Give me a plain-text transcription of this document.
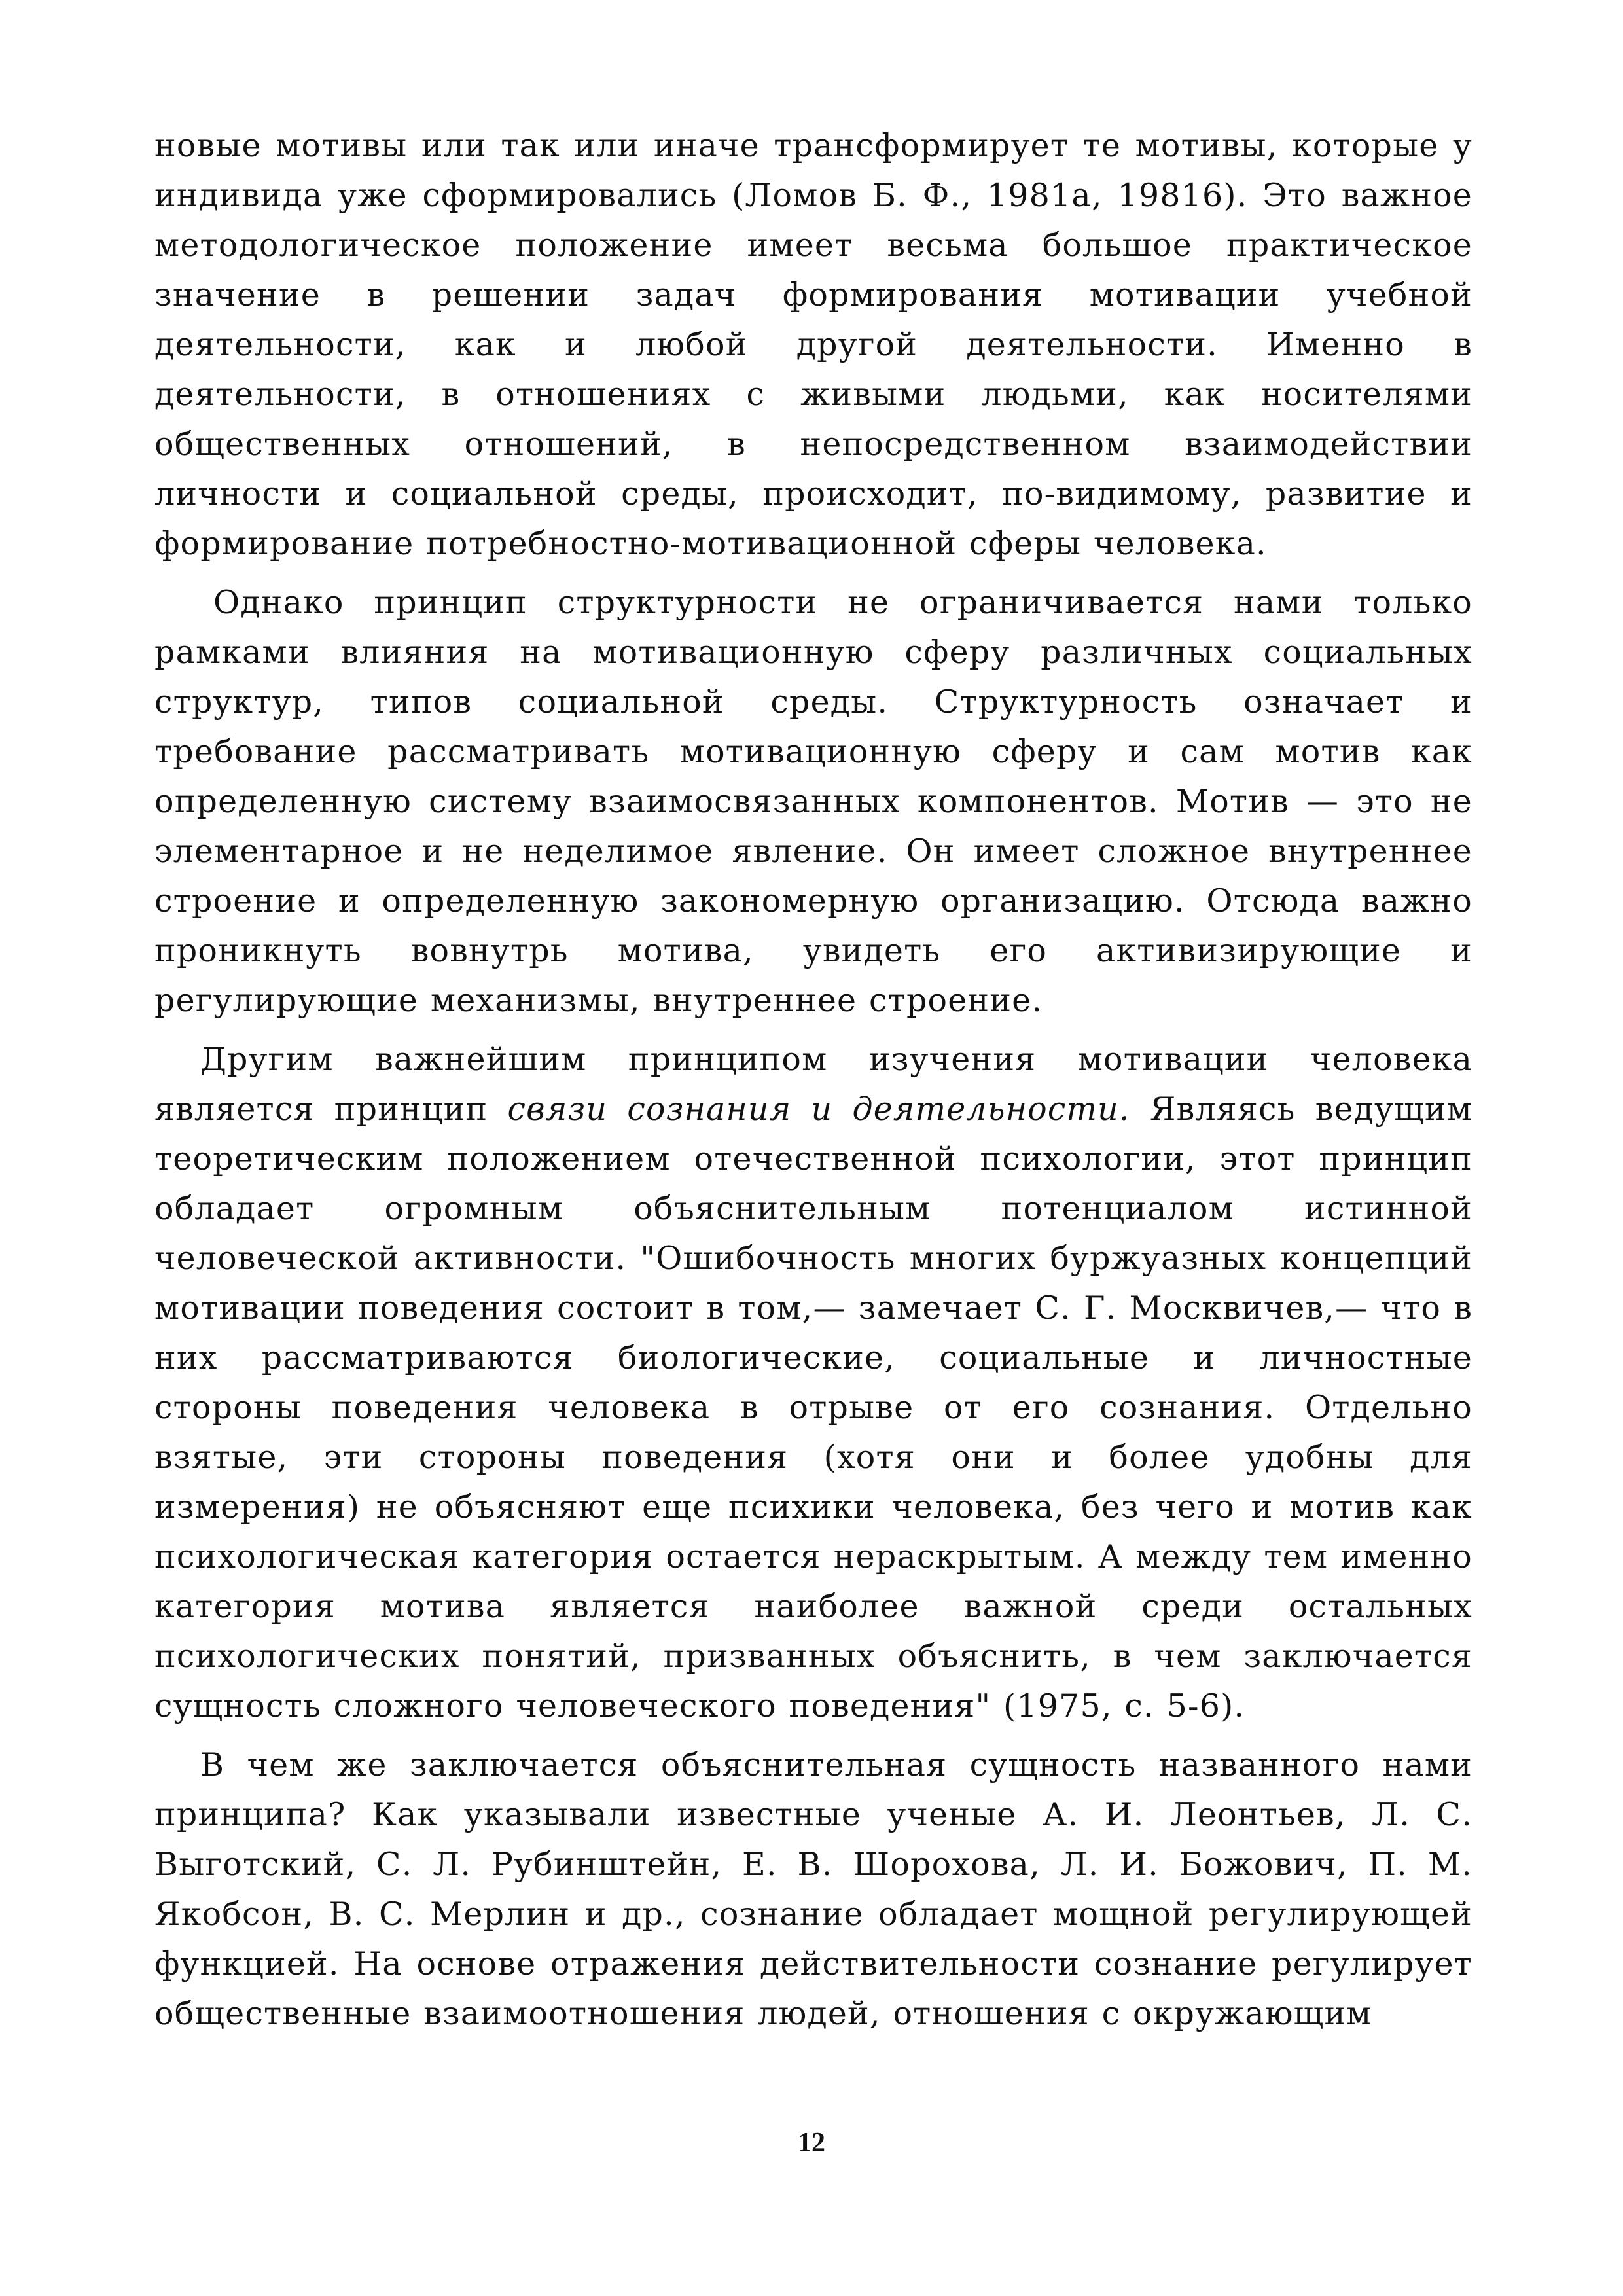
новые мотивы или так или иначе трансформирует те мотивы, которые у индивида уже сформировались (Ломов Б. Ф., 1981а, 19816). Это важное методологическое положение имеет весьма большое практическое значение в решении задач формирования мотивации учебной деятельности, как и любой другой деятельности. Именно в деятельности, в отношениях с живыми людьми, как носителями общественных отношений, в непосредственном взаимодействии личности и социальной среды, происходит, по-видимому, развитие и формирование потребностно-мотивационной сферы человека.

Однако принцип структурности не ограничивается нами только рамками влияния на мотивационную сферу различных социальных структур, типов социальной среды. Структурность означает и требование рассматривать мотивационную сферу и сам мотив как определенную систему взаимосвязанных компонентов. Мотив — это не элементарное и не неделимое явление. Он имеет сложное внутреннее строение и определенную закономерную организацию. Отсюда важно проникнуть вовнутрь мотива, увидеть его активизирующие и регулирующие механизмы, внутреннее строение.

Другим важнейшим принципом изучения мотивации человека является принцип связи сознания и деятельности. Являясь ведущим теоретическим положением отечественной психологии, этот принцип обладает огромным объяснительным потенциалом истинной человеческой активности. "Ошибочность многих буржуазных концепций мотивации поведения состоит в том,— замечает С. Г. Москвичев,— что в них рассматриваются биологические, социальные и личностные стороны поведения человека в отрыве от его сознания. Отдельно взятые, эти стороны поведения (хотя они и более удобны для измерения) не объясняют еще психики человека, без чего и мотив как психологическая категория остается нераскрытым. А между тем именно категория мотива является наиболее важной среди остальных психологических понятий, призванных объяснить, в чем заключается сущность сложного человеческого поведения" (1975, с. 5-6).

В чем же заключается объяснительная сущность названного нами принципа? Как указывали известные ученые А. И. Леонтьев, Л. С. Выготский, С. Л. Рубинштейн, Е. В. Шорохова, Л. И. Божович, П. М. Якобсон, В. С. Мерлин и др., сознание обладает мощной регулирующей функцией. На основе отражения действительности сознание регулирует общественные взаимоотношения людей, отношения с окружающим

12
